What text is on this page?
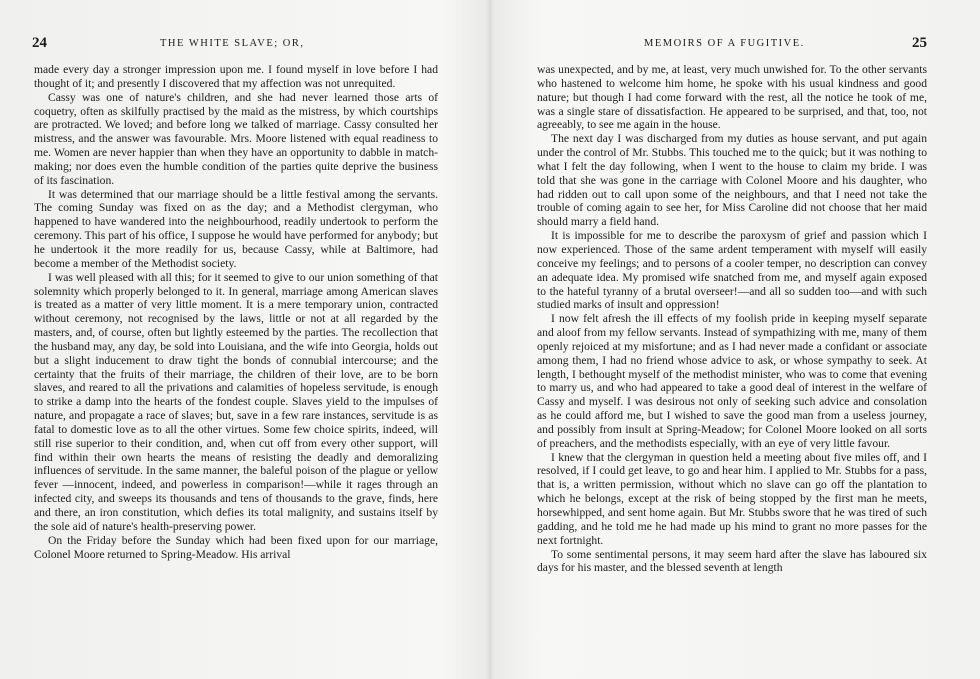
24	THE WHITE SLAVE; OR,

made every day a stronger impression upon me. I found myself in love before I had thought of it; and presently I discovered that my affection was not unrequited.

Cassy was one of nature's children, and she had never learned those arts of coquetry, often as skilfully practised by the maid as the mistress, by which courtships are protracted. We loved; and before long we talked of marriage. Cassy consulted her mistress, and the answer was favourable. Mrs. Moore listened with equal readiness to me. Women are never happier than when they have an opportunity to dabble in match-making; nor does even the humble condition of the parties quite deprive the business of its fascination.

It was determined that our marriage should be a little festival among the servants. The coming Sunday was fixed on as the day; and a Methodist clergyman, who happened to have wandered into the neighbourhood, readily undertook to perform the ceremony. This part of his office, I suppose he would have performed for anybody; but he undertook it the more readily for us, because Cassy, while at Baltimore, had become a member of the Methodist society.

I was well pleased with all this; for it seemed to give to our union something of that solemnity which properly belonged to it. In general, marriage among American slaves is treated as a matter of very little moment. It is a mere temporary union, contracted without ceremony, not recognised by the laws, little or not at all regarded by the masters, and, of course, often but lightly esteemed by the parties. The recollection that the husband may, any day, be sold into Louisiana, and the wife into Georgia, holds out but a slight inducement to draw tight the bonds of connubial intercourse; and the certainty that the fruits of their marriage, the children of their love, are to be born slaves, and reared to all the privations and calamities of hopeless servitude, is enough to strike a damp into the hearts of the fondest couple. Slaves yield to the impulses of nature, and propagate a race of slaves; but, save in a few rare instances, servitude is as fatal to domestic love as to all the other virtues. Some few choice spirits, indeed, will still rise superior to their condition, and, when cut off from every other support, will find within their own hearts the means of resisting the deadly and demoralizing influences of servitude. In the same manner, the baleful poison of the plague or yellow fever —innocent, indeed, and powerless in comparison!—while it rages through an infected city, and sweeps its thousands and tens of thousands to the grave, finds, here and there, an iron constitution, which defies its total malignity, and sustains itself by the sole aid of nature's health-preserving power.

On the Friday before the Sunday which had been fixed upon for our marriage, Colonel Moore returned to Spring-Meadow. His arrival

MEMOIRS OF A FUGITIVE.	25

was unexpected, and by me, at least, very much unwished for. To the other servants who hastened to welcome him home, he spoke with his usual kindness and good nature; but though I had come forward with the rest, all the notice he took of me, was a single stare of dissatisfaction. He appeared to be surprised, and that, too, not agreeably, to see me again in the house.

The next day I was discharged from my duties as house servant, and put again under the control of Mr. Stubbs. This touched me to the quick; but it was nothing to what I felt the day following, when I went to the house to claim my bride. I was told that she was gone in the carriage with Colonel Moore and his daughter, who had ridden out to call upon some of the neighbours, and that I need not take the trouble of coming again to see her, for Miss Caroline did not choose that her maid should marry a field hand.

It is impossible for me to describe the paroxysm of grief and passion which I now experienced. Those of the same ardent temperament with myself will easily conceive my feelings; and to persons of a cooler temper, no description can convey an adequate idea. My promised wife snatched from me, and myself again exposed to the hateful tyranny of a brutal overseer!—and all so sudden too—and with such studied marks of insult and oppression!

I now felt afresh the ill effects of my foolish pride in keeping myself separate and aloof from my fellow servants. Instead of sympathizing with me, many of them openly rejoiced at my misfortune; and as I had never made a confidant or associate among them, I had no friend whose advice to ask, or whose sympathy to seek. At length, I bethought myself of the methodist minister, who was to come that evening to marry us, and who had appeared to take a good deal of interest in the welfare of Cassy and myself. I was desirous not only of seeking such advice and consolation as he could afford me, but I wished to save the good man from a useless journey, and possibly from insult at Spring-Meadow; for Colonel Moore looked on all sorts of preachers, and the methodists especially, with an eye of very little favour.

I knew that the clergyman in question held a meeting about five miles off, and I resolved, if I could get leave, to go and hear him. I applied to Mr. Stubbs for a pass, that is, a written permission, without which no slave can go off the plantation to which he belongs, except at the risk of being stopped by the first man he meets, horsewhipped, and sent home again. But Mr. Stubbs swore that he was tired of such gadding, and he told me he had made up his mind to grant no more passes for the next fortnight.

To some sentimental persons, it may seem hard after the slave has laboured six days for his master, and the blessed seventh at length
